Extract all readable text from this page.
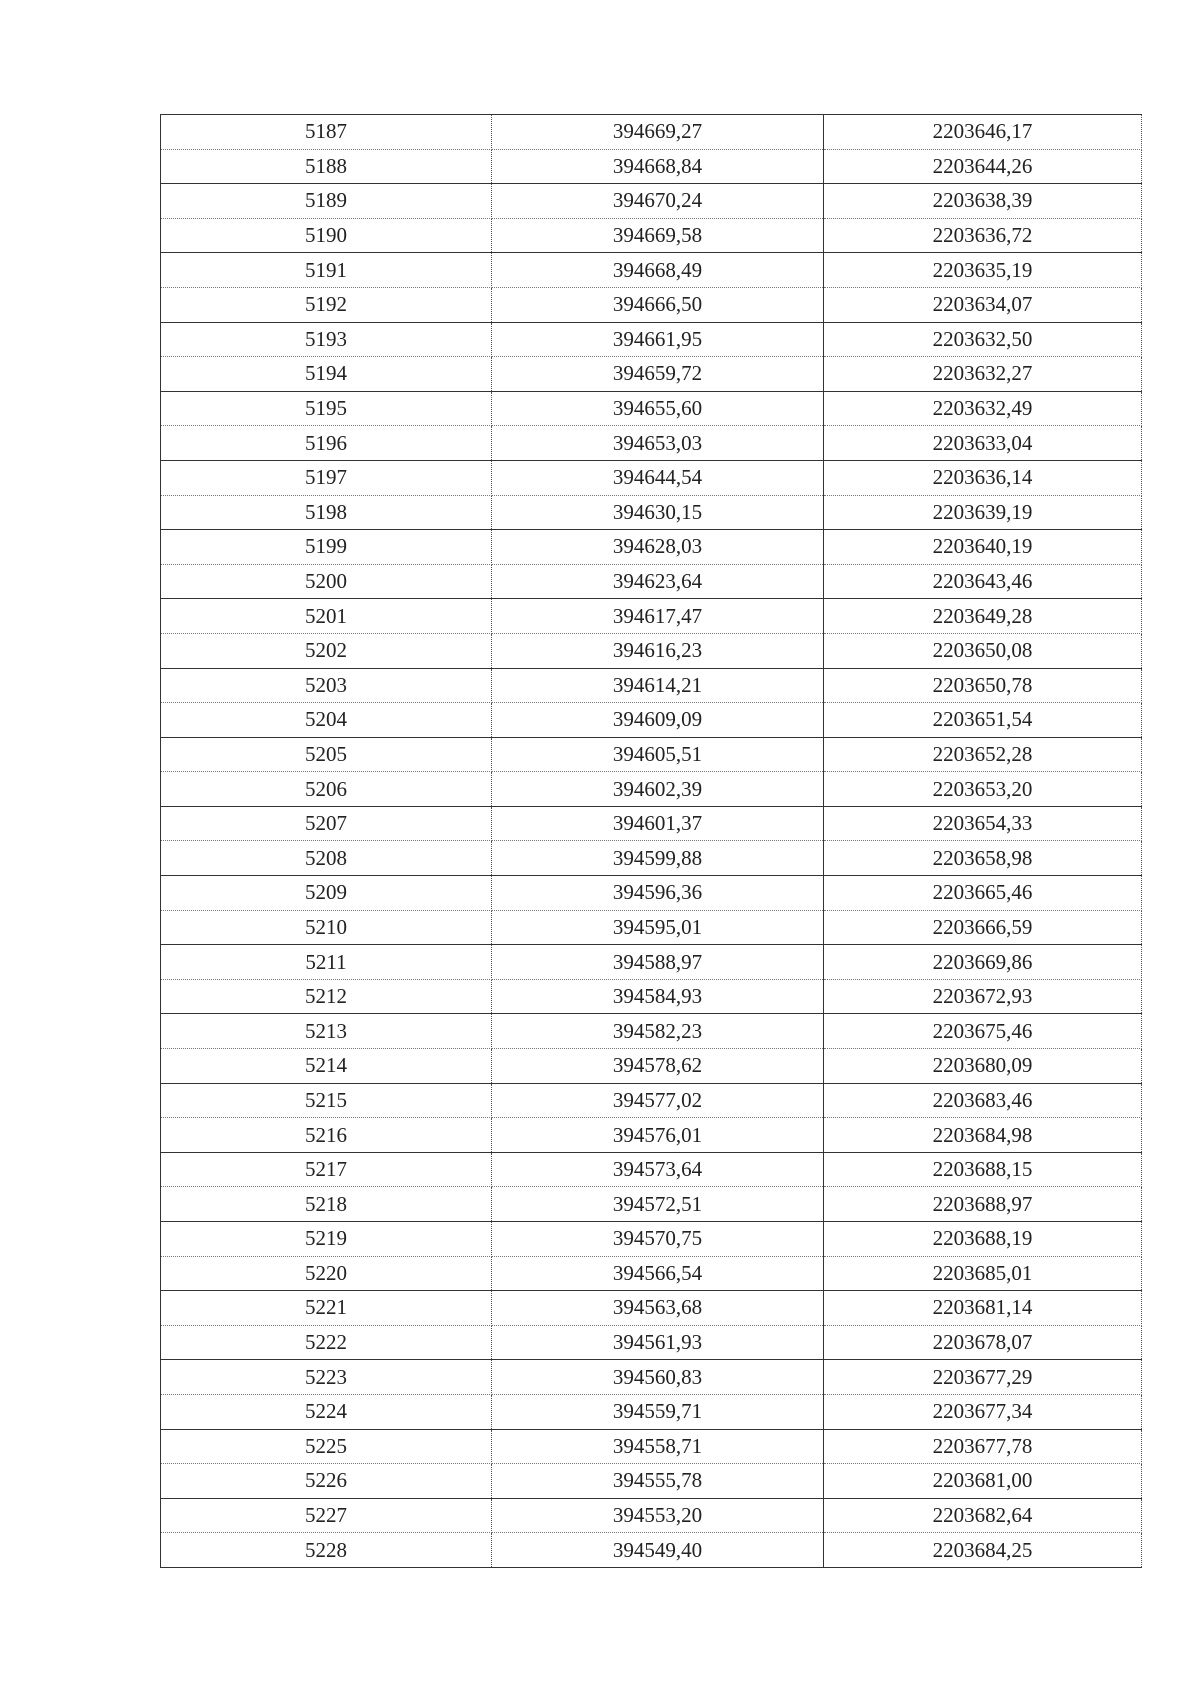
5187	394669,27	2203646,17
5188	394668,84	2203644,26
5189	394670,24	2203638,39
5190	394669,58	2203636,72
5191	394668,49	2203635,19
5192	394666,50	2203634,07
5193	394661,95	2203632,50
5194	394659,72	2203632,27
5195	394655,60	2203632,49
5196	394653,03	2203633,04
5197	394644,54	2203636,14
5198	394630,15	2203639,19
5199	394628,03	2203640,19
5200	394623,64	2203643,46
5201	394617,47	2203649,28
5202	394616,23	2203650,08
5203	394614,21	2203650,78
5204	394609,09	2203651,54
5205	394605,51	2203652,28
5206	394602,39	2203653,20
5207	394601,37	2203654,33
5208	394599,88	2203658,98
5209	394596,36	2203665,46
5210	394595,01	2203666,59
5211	394588,97	2203669,86
5212	394584,93	2203672,93
5213	394582,23	2203675,46
5214	394578,62	2203680,09
5215	394577,02	2203683,46
5216	394576,01	2203684,98
5217	394573,64	2203688,15
5218	394572,51	2203688,97
5219	394570,75	2203688,19
5220	394566,54	2203685,01
5221	394563,68	2203681,14
5222	394561,93	2203678,07
5223	394560,83	2203677,29
5224	394559,71	2203677,34
5225	394558,71	2203677,78
5226	394555,78	2203681,00
5227	394553,20	2203682,64
5228	394549,40	2203684,25
